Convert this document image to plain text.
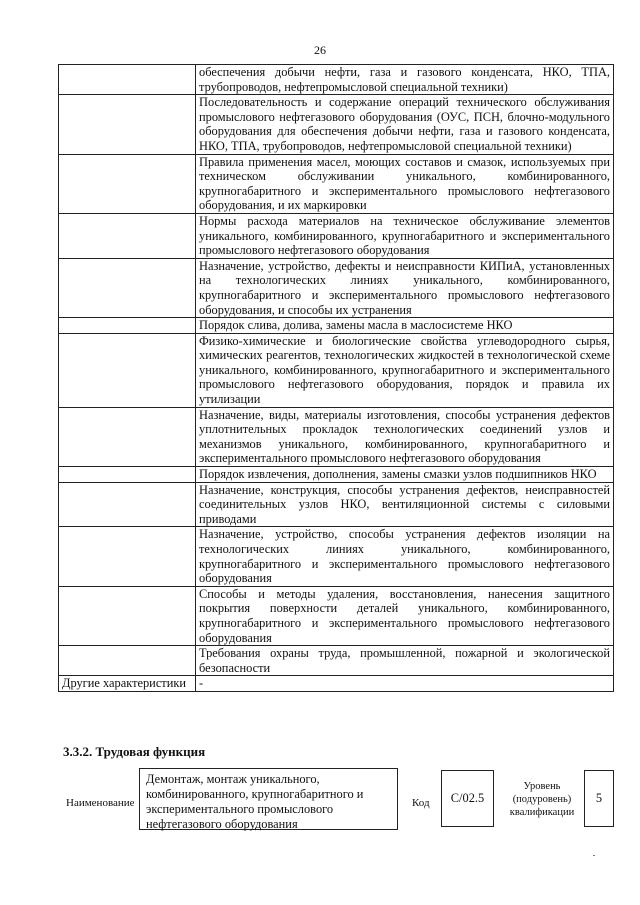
26
	обеспечения добычи нефти, газа и газового конденсата, НКО, ТПА, трубопроводов, нефтепромысловой специальной техники)
	Последовательность и содержание операций технического обслуживания промыслового нефтегазового оборудования (ОУС, ПСН, блочно-модульного оборудования для обеспечения добычи нефти, газа и газового конденсата, НКО, ТПА, трубопроводов, нефтепромысловой специальной техники)
	Правила применения масел, моющих составов и смазок, используемых при техническом обслуживании уникального, комбинированного, крупногабаритного и экспериментального промыслового нефтегазового оборудования, и их маркировки
	Нормы расхода материалов на техническое обслуживание элементов уникального, комбинированного, крупногабаритного и экспериментального промыслового нефтегазового оборудования
	Назначение, устройство, дефекты и неисправности КИПиА, установленных на технологических линиях уникального, комбинированного, крупногабаритного и экспериментального промыслового нефтегазового оборудования, и способы их устранения
	Порядок слива, долива, замены масла в маслосистеме НКО
	Физико-химические и биологические свойства углеводородного сырья, химических реагентов, технологических жидкостей в технологической схеме уникального, комбинированного, крупногабаритного и экспериментального промыслового нефтегазового оборудования, порядок и правила их утилизации
	Назначение, виды, материалы изготовления, способы устранения дефектов уплотнительных прокладок технологических соединений узлов и механизмов уникального, комбинированного, крупногабаритного и экспериментального промыслового нефтегазового оборудования
	Порядок извлечения, дополнения, замены смазки узлов подшипников НКО
	Назначение, конструкция, способы устранения дефектов, неисправностей соединительных узлов НКО, вентиляционной системы с силовыми приводами
	Назначение, устройство, способы устранения дефектов изоляции на технологических линиях уникального, комбинированного, крупногабаритного и экспериментального промыслового нефтегазового оборудования
	Способы и методы удаления, восстановления, нанесения защитного покрытия поверхности деталей уникального, комбинированного, крупногабаритного и экспериментального промыслового нефтегазового оборудования
	Требования охраны труда, промышленной, пожарной и экологической безопасности
Другие характеристики	-
3.3.2. Трудовая функция
Наименование
Демонтаж, монтаж уникального, комбинированного, крупногабаритного и экспериментального промыслового нефтегазового оборудования
Код	C/02.5
Уровень (подуровень) квалификации
5
